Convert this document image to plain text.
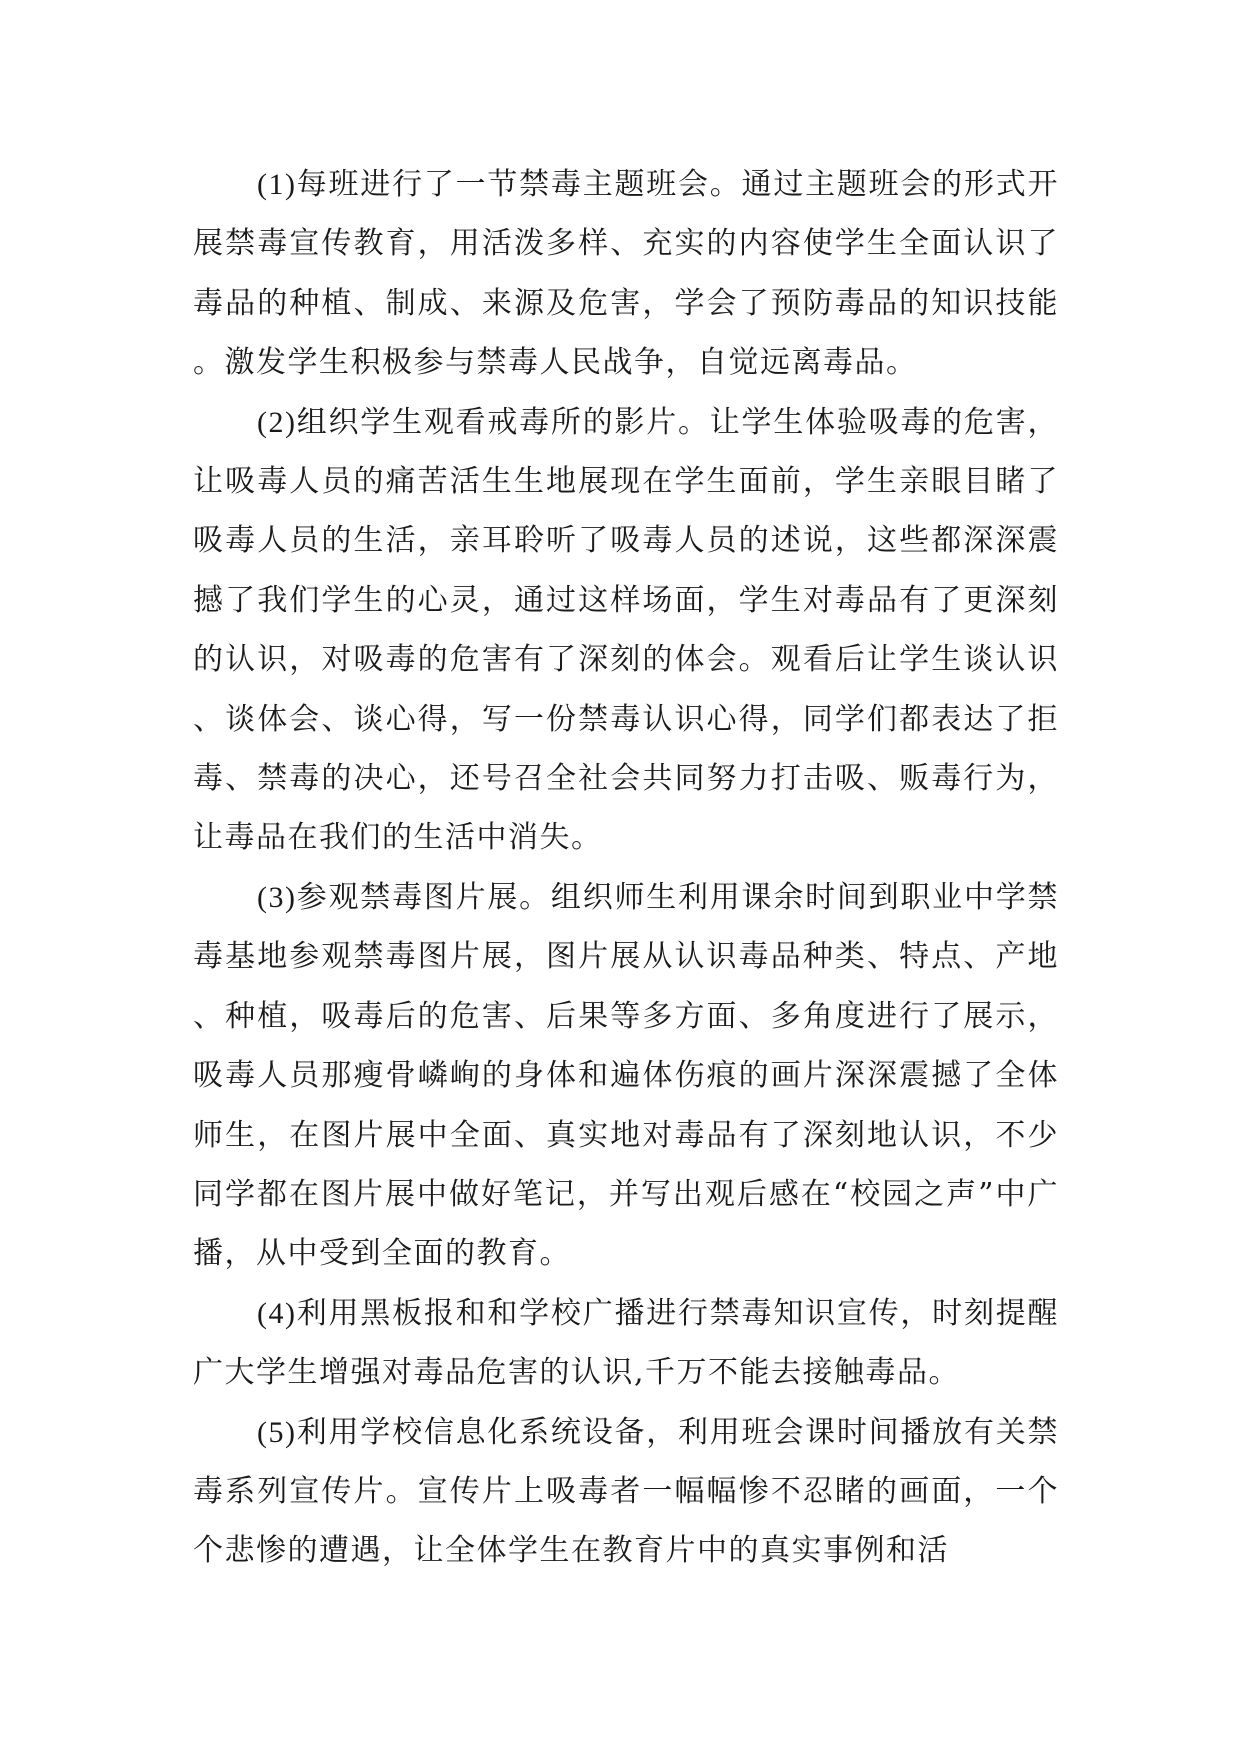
(1)每班进行了一节禁毒主题班会。通过主题班会的形式开展禁毒宣传教育，用活泼多样、充实的内容使学生全面认识了毒品的种植、制成、来源及危害，学会了预防毒品的知识技能。激发学生积极参与禁毒人民战争，自觉远离毒品。

(2)组织学生观看戒毒所的影片。让学生体验吸毒的危害，让吸毒人员的痛苦活生生地展现在学生面前，学生亲眼目睹了吸毒人员的生活，亲耳聆听了吸毒人员的述说，这些都深深震撼了我们学生的心灵，通过这样场面，学生对毒品有了更深刻的认识，对吸毒的危害有了深刻的体会。观看后让学生谈认识、谈体会、谈心得，写一份禁毒认识心得，同学们都表达了拒毒、禁毒的决心，还号召全社会共同努力打击吸、贩毒行为，让毒品在我们的生活中消失。

(3)参观禁毒图片展。组织师生利用课余时间到职业中学禁毒基地参观禁毒图片展，图片展从认识毒品种类、特点、产地、种植，吸毒后的危害、后果等多方面、多角度进行了展示，吸毒人员那瘦骨嶙峋的身体和遍体伤痕的画片深深震撼了全体师生，在图片展中全面、真实地对毒品有了深刻地认识，不少同学都在图片展中做好笔记，并写出观后感在“校园之声”中广播，从中受到全面的教育。

(4)利用黑板报和和学校广播进行禁毒知识宣传，时刻提醒广大学生增强对毒品危害的认识,千万不能去接触毒品。

(5)利用学校信息化系统设备，利用班会课时间播放有关禁毒系列宣传片。宣传片上吸毒者一幅幅惨不忍睹的画面，一个个悲惨的遭遇，让全体学生在教育片中的真实事例和活
